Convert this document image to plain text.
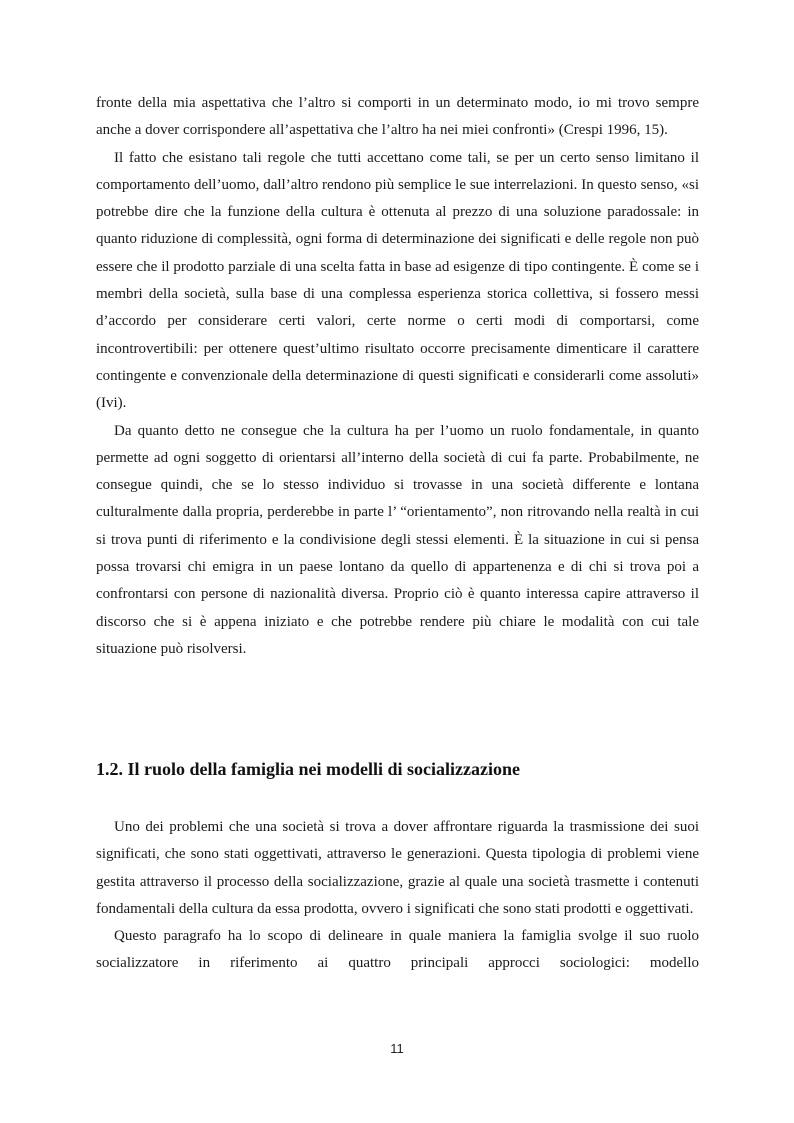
fronte della mia aspettativa che l’altro si comporti in un determinato modo, io mi trovo sempre anche a dover corrispondere all’aspettativa che l’altro ha nei miei confronti» (Crespi 1996, 15).

Il fatto che esistano tali regole che tutti accettano come tali, se per un certo senso limitano il comportamento dell’uomo, dall’altro rendono più semplice le sue interrelazioni. In questo senso, «si potrebbe dire che la funzione della cultura è ottenuta al prezzo di una soluzione paradossale: in quanto riduzione di complessità, ogni forma di determinazione dei significati e delle regole non può essere che il prodotto parziale di una scelta fatta in base ad esigenze di tipo contingente. È come se i membri della società, sulla base di una complessa esperienza storica collettiva, si fossero messi d’accordo per considerare certi valori, certe norme o certi modi di comportarsi, come incontrovertibili: per ottenere quest’ultimo risultato occorre precisamente dimenticare il carattere contingente e convenzionale della determinazione di questi significati e considerarli come assoluti» (Ivi).

Da quanto detto ne consegue che la cultura ha per l’uomo un ruolo fondamentale, in quanto permette ad ogni soggetto di orientarsi all’interno della società di cui fa parte. Probabilmente, ne consegue quindi, che se lo stesso individuo si trovasse in una società differente e lontana culturalmente dalla propria, perderebbe in parte l’ “orientamento”, non ritrovando nella realtà in cui si trova punti di riferimento e la condivisione degli stessi elementi. È la situazione in cui si pensa possa trovarsi chi emigra in un paese lontano da quello di appartenenza e di chi si trova poi a confrontarsi con persone di nazionalità diversa. Proprio ciò è quanto interessa capire attraverso il discorso che si è appena iniziato e che potrebbe rendere più chiare le modalità con cui tale situazione può risolversi.

1.2. Il ruolo della famiglia nei modelli di socializzazione

Uno dei problemi che una società si trova a dover affrontare riguarda la trasmissione dei suoi significati, che sono stati oggettivati, attraverso le generazioni. Questa tipologia di problemi viene gestita attraverso il processo della socializzazione, grazie al quale una società trasmette i contenuti fondamentali della cultura da essa prodotta, ovvero i significati che sono stati prodotti e oggettivati.

Questo paragrafo ha lo scopo di delineare in quale maniera la famiglia svolge il suo ruolo socializzatore in riferimento ai quattro principali approcci sociologici: modello

11
